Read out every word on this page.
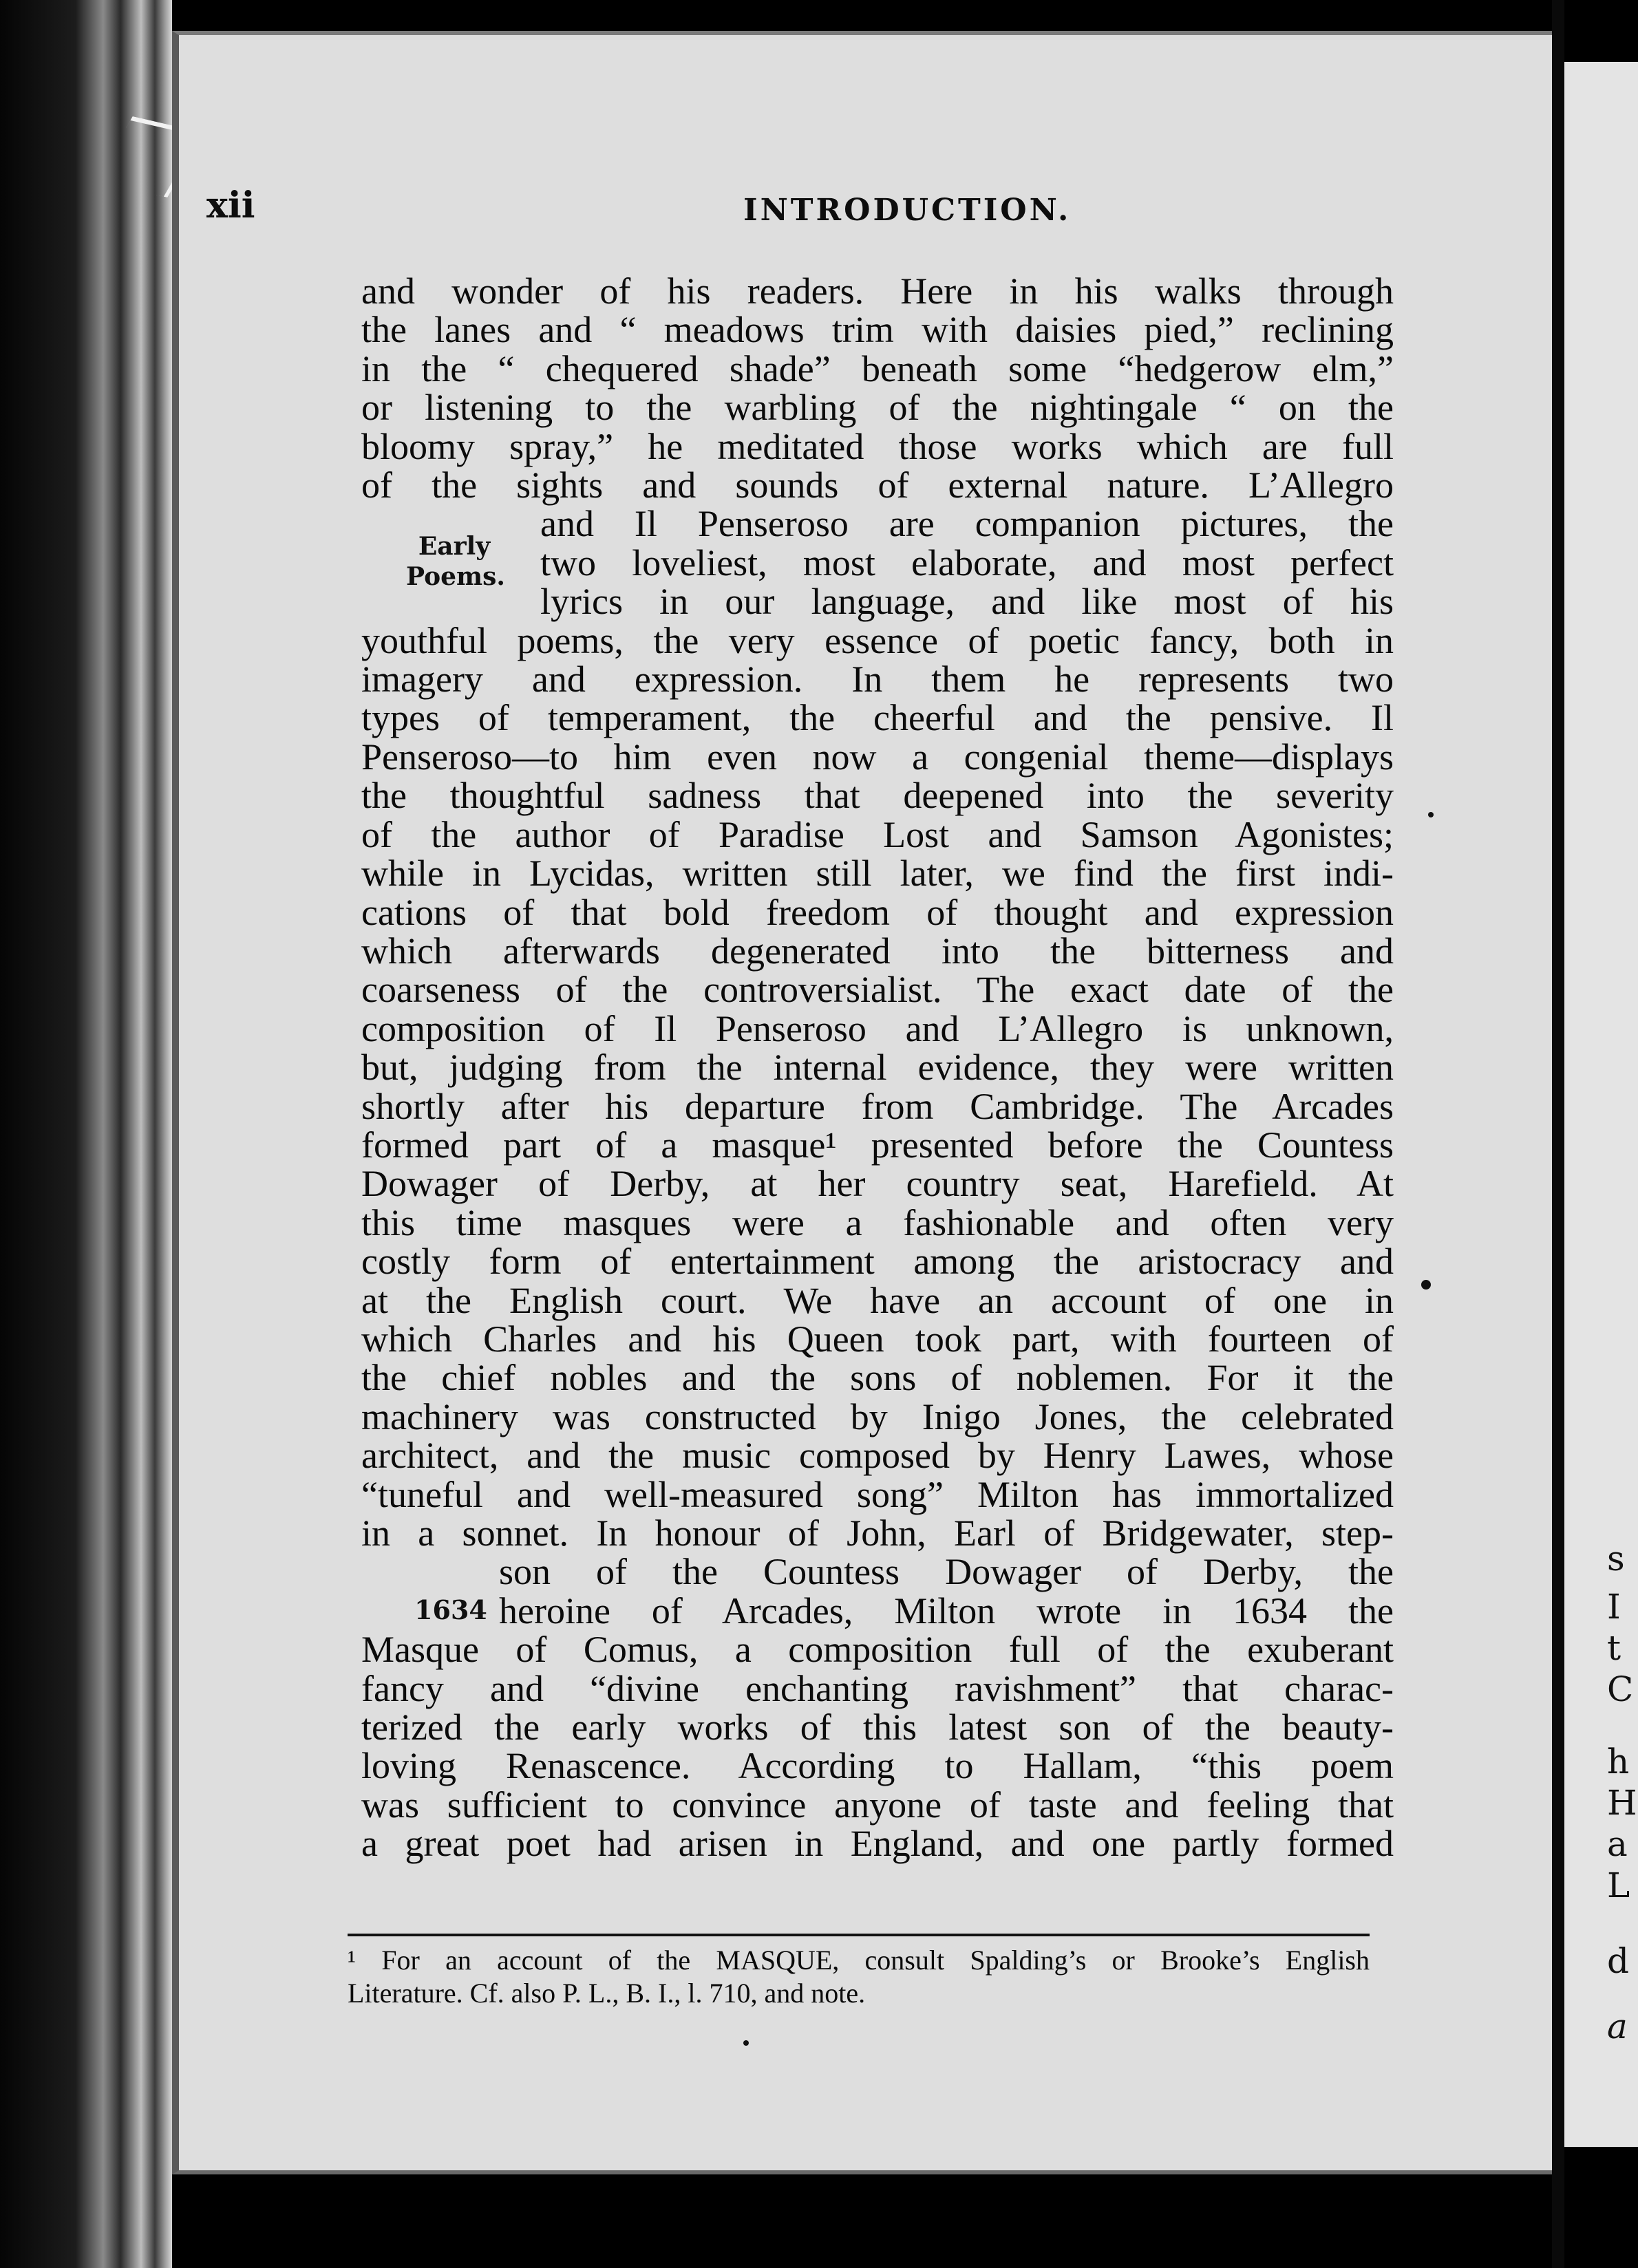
s
I
t
C
h
H
a
L
d
a
xii	INTRODUCTION.
Early
Poems.
1634
and wonder of his readers. Here in his walks through
the lanes and “ meadows trim with daisies pied,” reclining
in the “ chequered shade” beneath some “hedgerow elm,”
or listening to the warbling of the nightingale “ on the
bloomy spray,” he meditated those works which are full
of the sights and sounds of external nature. L’Allegro
and Il Penseroso are companion pictures, the
two loveliest, most elaborate, and most perfect
lyrics in our language, and like most of his
youthful poems, the very essence of poetic fancy, both in
imagery and expression. In them he represents two
types of temperament, the cheerful and the pensive. Il
Penseroso—to him even now a congenial theme—displays
the thoughtful sadness that deepened into the severity
of the author of Paradise Lost and Samson Agonistes;
while in Lycidas, written still later, we find the first indi-
cations of that bold freedom of thought and expression
which afterwards degenerated into the bitterness and
coarseness of the controversialist. The exact date of the
composition of Il Penseroso and L’Allegro is unknown,
but, judging from the internal evidence, they were written
shortly after his departure from Cambridge. The Arcades
formed part of a masque¹ presented before the Countess
Dowager of Derby, at her country seat, Harefield. At
this time masques were a fashionable and often very
costly form of entertainment among the aristocracy and
at the English court. We have an account of one in
which Charles and his Queen took part, with fourteen of
the chief nobles and the sons of noblemen. For it the
machinery was constructed by Inigo Jones, the celebrated
architect, and the music composed by Henry Lawes, whose
“tuneful and well-measured song” Milton has immortalized
in a sonnet. In honour of John, Earl of Bridgewater, step-
son of the Countess Dowager of Derby, the
heroine of Arcades, Milton wrote in 1634 the
Masque of Comus, a composition full of the exuberant
fancy and “divine enchanting ravishment” that charac-
terized the early works of this latest son of the beauty-
loving Renascence. According to Hallam, “this poem
was sufficient to convince anyone of taste and feeling that
a great poet had arisen in England, and one partly formed
¹ For an account of the MASQUE, consult Spalding’s or Brooke’s English
Literature. Cf. also P. L., B. I., l. 710, and note.
